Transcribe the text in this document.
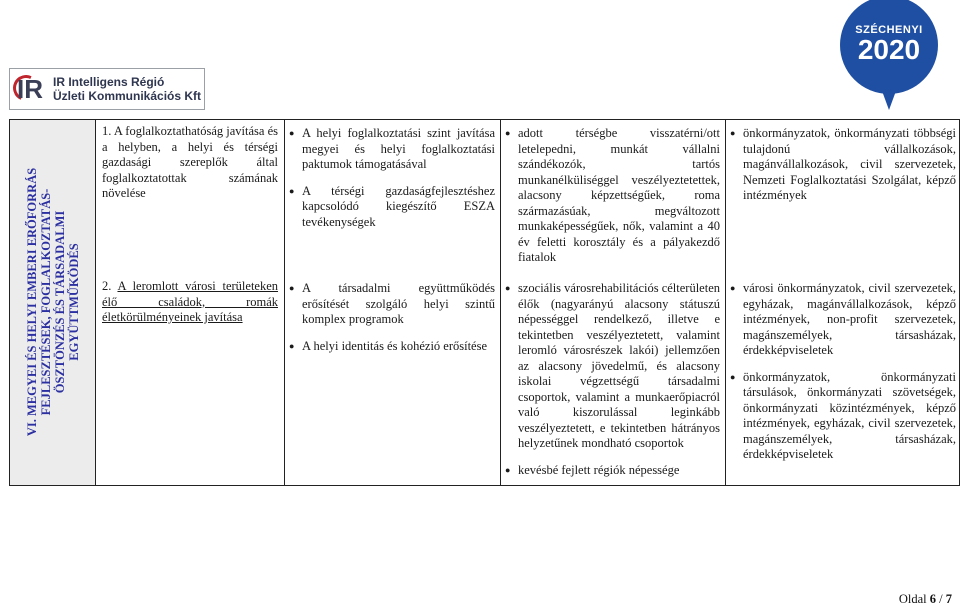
IR IR Intelligens Régió
Üzleti Kommunikációs Kft
SZÉCHENYI
2020
VI. MEGYEI ÉS HELYI EMBERI ERŐFORRÁS FEJLESZTÉSEK, FOGLALKOZTATÁS-ÖSZTÖNZÉS ÉS TÁRSADALMI EGYÜTTMŰKÖDÉS
1. A foglalkoztathatóság javítása és a helyben, a helyi és térségi gazdasági szereplők által foglalkoztatottak számának növelése
2. A leromlott városi területeken élő családok, romák életkörülményeinek javítása
● A helyi foglalkoztatási szint javítása megyei és helyi foglalkoztatási paktumok támogatásával
● A térségi gazdaságfejlesztéshez kapcsolódó kiegészítő ESZA tevékenységek
● A társadalmi együttműködés erősítését szolgáló helyi szintű komplex programok
● A helyi identitás és kohézió erősítése
● adott térségbe visszatérni/ott letelepedni, munkát vállalni szándékozók, tartós munkanélküliséggel veszélyeztetettek, alacsony képzettségűek, roma származásúak, megváltozott munkaképességűek, nők, valamint a 40 év feletti korosztály és a pályakezdő fiatalok
● szociális városrehabilitációs célterületen élők (nagyarányú alacsony státuszú népességgel rendelkező, illetve e tekintetben veszélyeztetett, valamint leromló városrészek lakói) jellemzően az alacsony jövedelmű, és alacsony iskolai végzettségű társadalmi csoportok, valamint a munkaerőpiacról való kiszorulással leginkább veszélyeztetett, e tekintetben hátrányos helyzetűnek mondható csoportok
● kevésbé fejlett régiók népessége
● önkormányzatok, önkormányzati többségi tulajdonú vállalkozások, magánvállalkozások, civil szervezetek, Nemzeti Foglalkoztatási Szolgálat, képző intézmények
● városi önkormányzatok, civil szervezetek, egyházak, magánvállalkozások, képző intézmények, non-profit szervezetek, magánszemélyek, társasházak, érdekképviseletek
● önkormányzatok, önkormányzati társulások, önkormányzati szövetségek, önkormányzati közintézmények, képző intézmények, egyházak, civil szervezetek, magánszemélyek, társasházak, érdekképviseletek
Oldal 6 / 7
